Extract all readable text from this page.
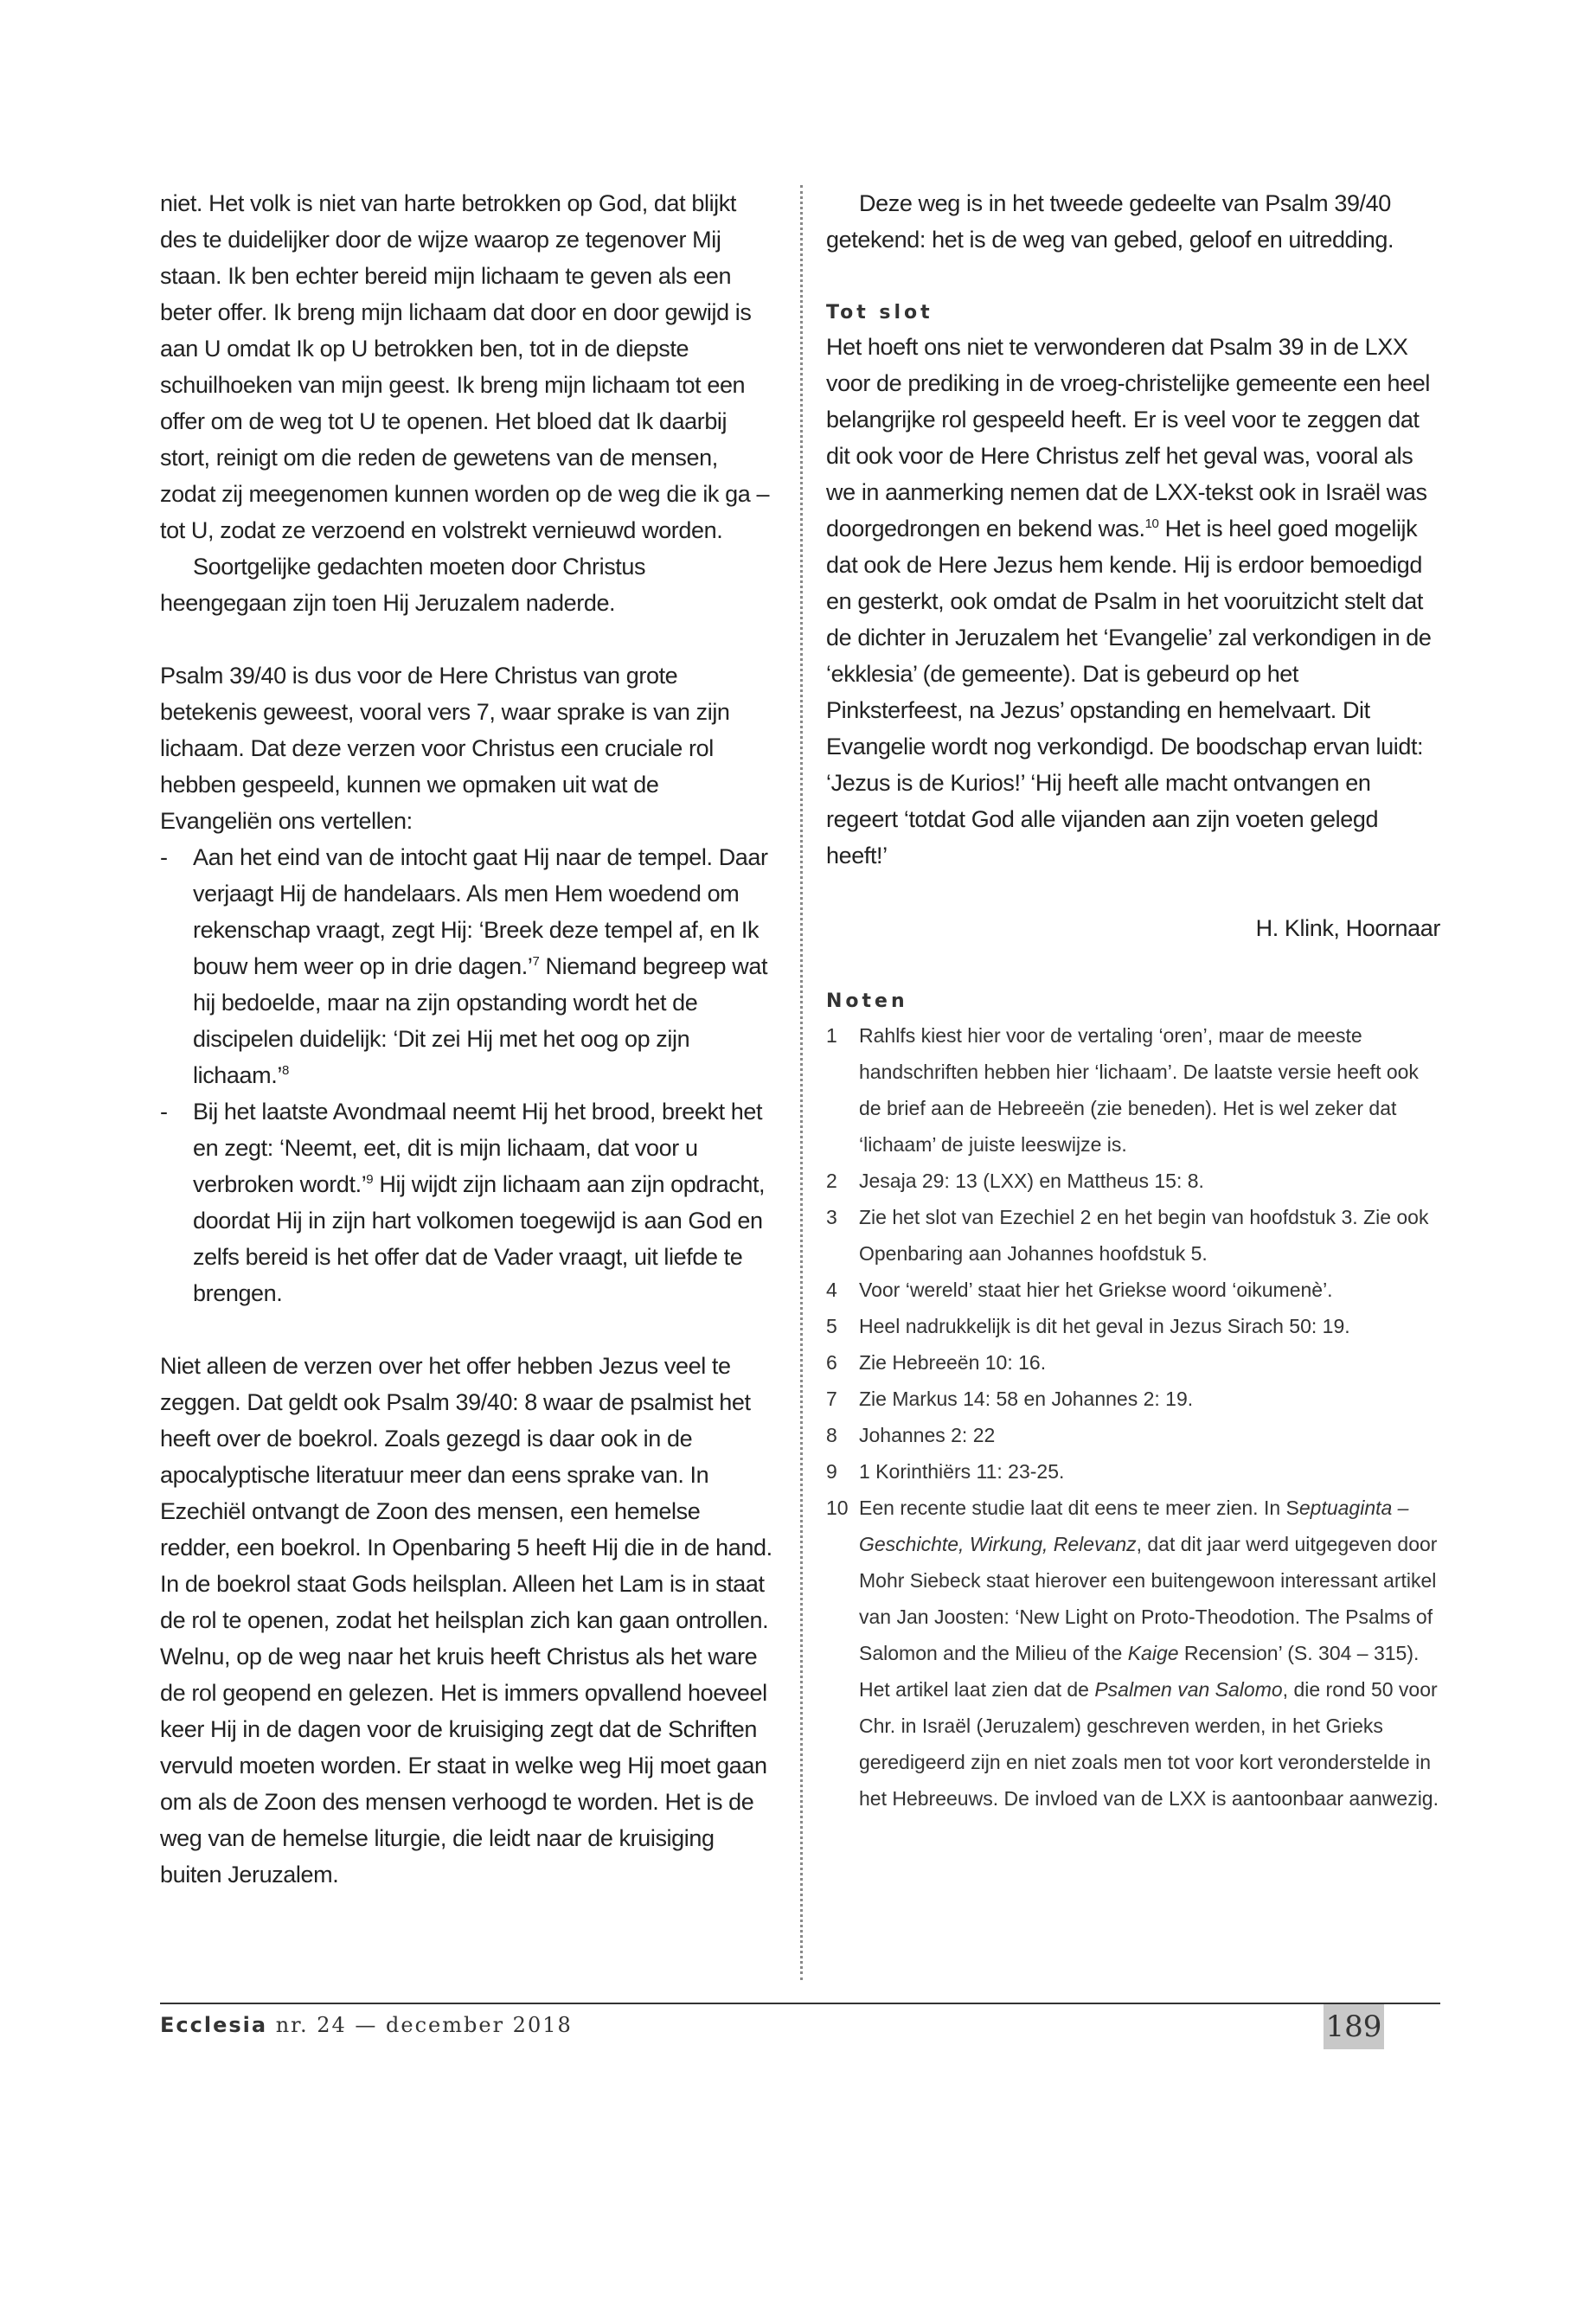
niet. Het volk is niet van harte betrokken op God, dat blijkt des te duidelijker door de wijze waarop ze tegenover Mij staan. Ik ben echter bereid mijn lichaam te geven als een beter offer. Ik breng mijn lichaam dat door en door gewijd is aan U omdat Ik op U betrokken ben, tot in de diepste schuilhoeken van mijn geest. Ik breng mijn lichaam tot een offer om de weg tot U te openen. Het bloed dat Ik daarbij stort, reinigt om die reden de gewetens van de mensen, zodat zij meegenomen kunnen worden op de weg die ik ga – tot U, zodat ze verzoend en volstrekt vernieuwd worden.

Soortgelijke gedachten moeten door Christus heengegaan zijn toen Hij Jeruzalem naderde.

Psalm 39/40 is dus voor de Here Christus van grote betekenis geweest, vooral vers 7, waar sprake is van zijn lichaam. Dat deze verzen voor Christus een cruciale rol hebben gespeeld, kunnen we opmaken uit wat de Evangeliën ons vertellen:

- Aan het eind van de intocht gaat Hij naar de tempel. Daar verjaagt Hij de handelaars. Als men Hem woedend om rekenschap vraagt, zegt Hij: ‘Breek deze tempel af, en Ik bouw hem weer op in drie dagen.’$^7$ Niemand begreep wat hij bedoelde, maar na zijn opstanding wordt het de discipelen duidelijk: ‘Dit zei Hij met het oog op zijn lichaam.’$^8$
- Bij het laatste Avondmaal neemt Hij het brood, breekt het en zegt: ‘Neemt, eet, dit is mijn lichaam, dat voor u verbroken wordt.’$^9$ Hij wijdt zijn lichaam aan zijn opdracht, doordat Hij in zijn hart volkomen toegewijd is aan God en zelfs bereid is het offer dat de Vader vraagt, uit liefde te brengen.

Niet alleen de verzen over het offer hebben Jezus veel te zeggen. Dat geldt ook Psalm 39/40: 8 waar de psalmist het heeft over de boekrol. Zoals gezegd is daar ook in de apocalyptische literatuur meer dan eens sprake van. In Ezechiël ontvangt de Zoon des mensen, een hemelse redder, een boekrol. In Openbaring 5 heeft Hij die in de hand. In de boekrol staat Gods heilsplan. Alleen het Lam is in staat de rol te openen, zodat het heilsplan zich kan gaan ontrollen. Welnu, op de weg naar het kruis heeft Christus als het ware de rol geopend en gelezen. Het is immers opvallend hoeveel keer Hij in de dagen voor de kruisiging zegt dat de Schriften vervuld moeten worden. Er staat in welke weg Hij moet gaan om als de Zoon des mensen verhoogd te worden. Het is de weg van de hemelse liturgie, die leidt naar de kruisiging buiten Jeruzalem.

Deze weg is in het tweede gedeelte van Psalm 39/40 getekend: het is de weg van gebed, geloof en uitredding.

Tot slot

Het hoeft ons niet te verwonderen dat Psalm 39 in de LXX voor de prediking in de vroeg-christelijke gemeente een heel belangrijke rol gespeeld heeft. Er is veel voor te zeggen dat dit ook voor de Here Christus zelf het geval was, vooral als we in aanmerking nemen dat de LXX-tekst ook in Israël was doorgedrongen en bekend was.$^{10}$ Het is heel goed mogelijk dat ook de Here Jezus hem kende. Hij is erdoor bemoedigd en gesterkt, ook omdat de Psalm in het vooruitzicht stelt dat de dichter in Jeruzalem het ‘Evangelie’ zal verkondigen in de ‘ekklesia’ (de gemeente). Dat is gebeurd op het Pinksterfeest, na Jezus’ opstanding en hemelvaart. Dit Evangelie wordt nog verkondigd. De boodschap ervan luidt: ‘Jezus is de Kurios!’ ‘Hij heeft alle macht ontvangen en regeert ‘totdat God alle vijanden aan zijn voeten gelegd heeft!’

H. Klink, Hoornaar

Noten
1 Rahlfs kiest hier voor de vertaling ‘oren’, maar de meeste handschriften hebben hier ‘lichaam’. De laatste versie heeft ook de brief aan de Hebreeën (zie beneden). Het is wel zeker dat ‘lichaam’ de juiste leeswijze is.
2 Jesaja 29: 13 (LXX) en Mattheus 15: 8.
3 Zie het slot van Ezechiel 2 en het begin van hoofdstuk 3. Zie ook Openbaring aan Johannes hoofdstuk 5.
4 Voor ‘wereld’ staat hier het Griekse woord ‘oikumenè’.
5 Heel nadrukkelijk is dit het geval in Jezus Sirach 50: 19.
6 Zie Hebreeën 10: 16.
7 Zie Markus 14: 58 en Johannes 2: 19.
8 Johannes 2: 22
9 1 Korinthiërs 11: 23-25.
10 Een recente studie laat dit eens te meer zien. In Septuaginta – Geschichte, Wirkung, Relevanz, dat dit jaar werd uitgegeven door Mohr Siebeck staat hierover een buitengewoon interessant artikel van Jan Joosten: ‘New Light on Proto-Theodotion. The Psalms of Salomon and the Milieu of the Kaige Recension’ (S. 304 – 315). Het artikel laat zien dat de Psalmen van Salomo, die rond 50 voor Chr. in Israël (Jeruzalem) geschreven werden, in het Grieks geredigeerd zijn en niet zoals men tot voor kort veronderstelde in het Hebreeuws. De invloed van de LXX is aantoonbaar aanwezig.
Ecclesia nr. 24 — december 2018	189
